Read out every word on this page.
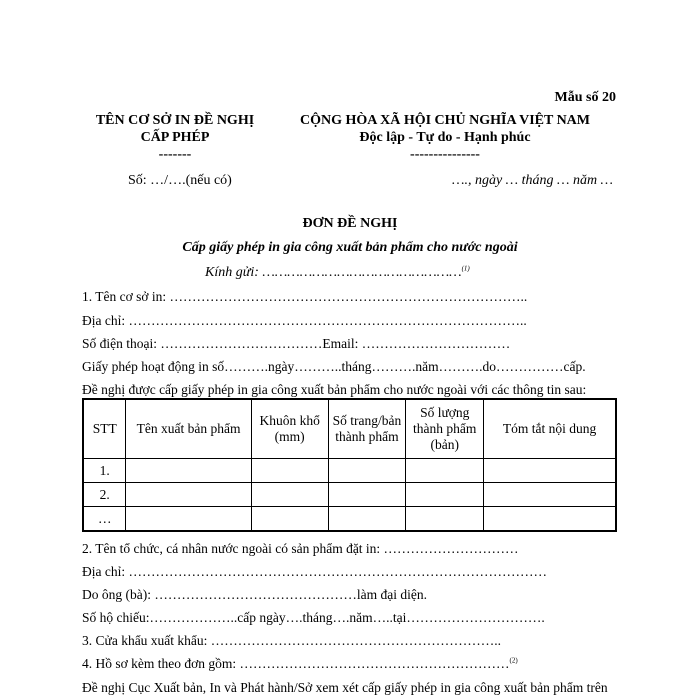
Mẫu số 20
TÊN CƠ SỞ IN ĐỀ NGHỊ
CẤP PHÉP
-------
CỘNG HÒA XÃ HỘI CHỦ NGHĨA VIỆT NAM
Độc lập - Tự do - Hạnh phúc
---------------
Số: …/….(nếu có)	…., ngày … tháng … năm …
ĐƠN ĐỀ NGHỊ
Cấp giấy phép in gia công xuất bản phẩm cho nước ngoài
Kính gửi: …………………………………………$^{(1)}$
1. Tên cơ sở in: ……………………………………………………………………..
Địa chỉ: ……………………………………………………………………………..
Số điện thoại: ………………………………Email: ……………………………
Giấy phép hoạt động in số……….ngày………..tháng……….năm……….do……………cấp.
Đề nghị được cấp giấy phép in gia công xuất bản phẩm cho nước ngoài với các thông tin sau:
STT	Tên xuất bản phẩm	Khuôn khổ (mm)	Số trang/bản thành phẩm	Số lượng thành phẩm (bản)	Tóm tắt nội dung
1.					
2.					
…					
2. Tên tổ chức, cá nhân nước ngoài có sản phẩm đặt in: …………………………
Địa chỉ: …………………………………………………………………………………
Do ông (bà): ………………………………………làm đại diện.
Số hộ chiếu:………………..cấp ngày….tháng….năm…..tại………………………….
3. Cửa khẩu xuất khẩu: ………………………………………………………..
4. Hồ sơ kèm theo đơn gồm: ……………………………………………………$^{(2)}$
Đề nghị Cục Xuất bản, In và Phát hành/Sở xem xét cấp giấy phép in gia công xuất bản phẩm trên
